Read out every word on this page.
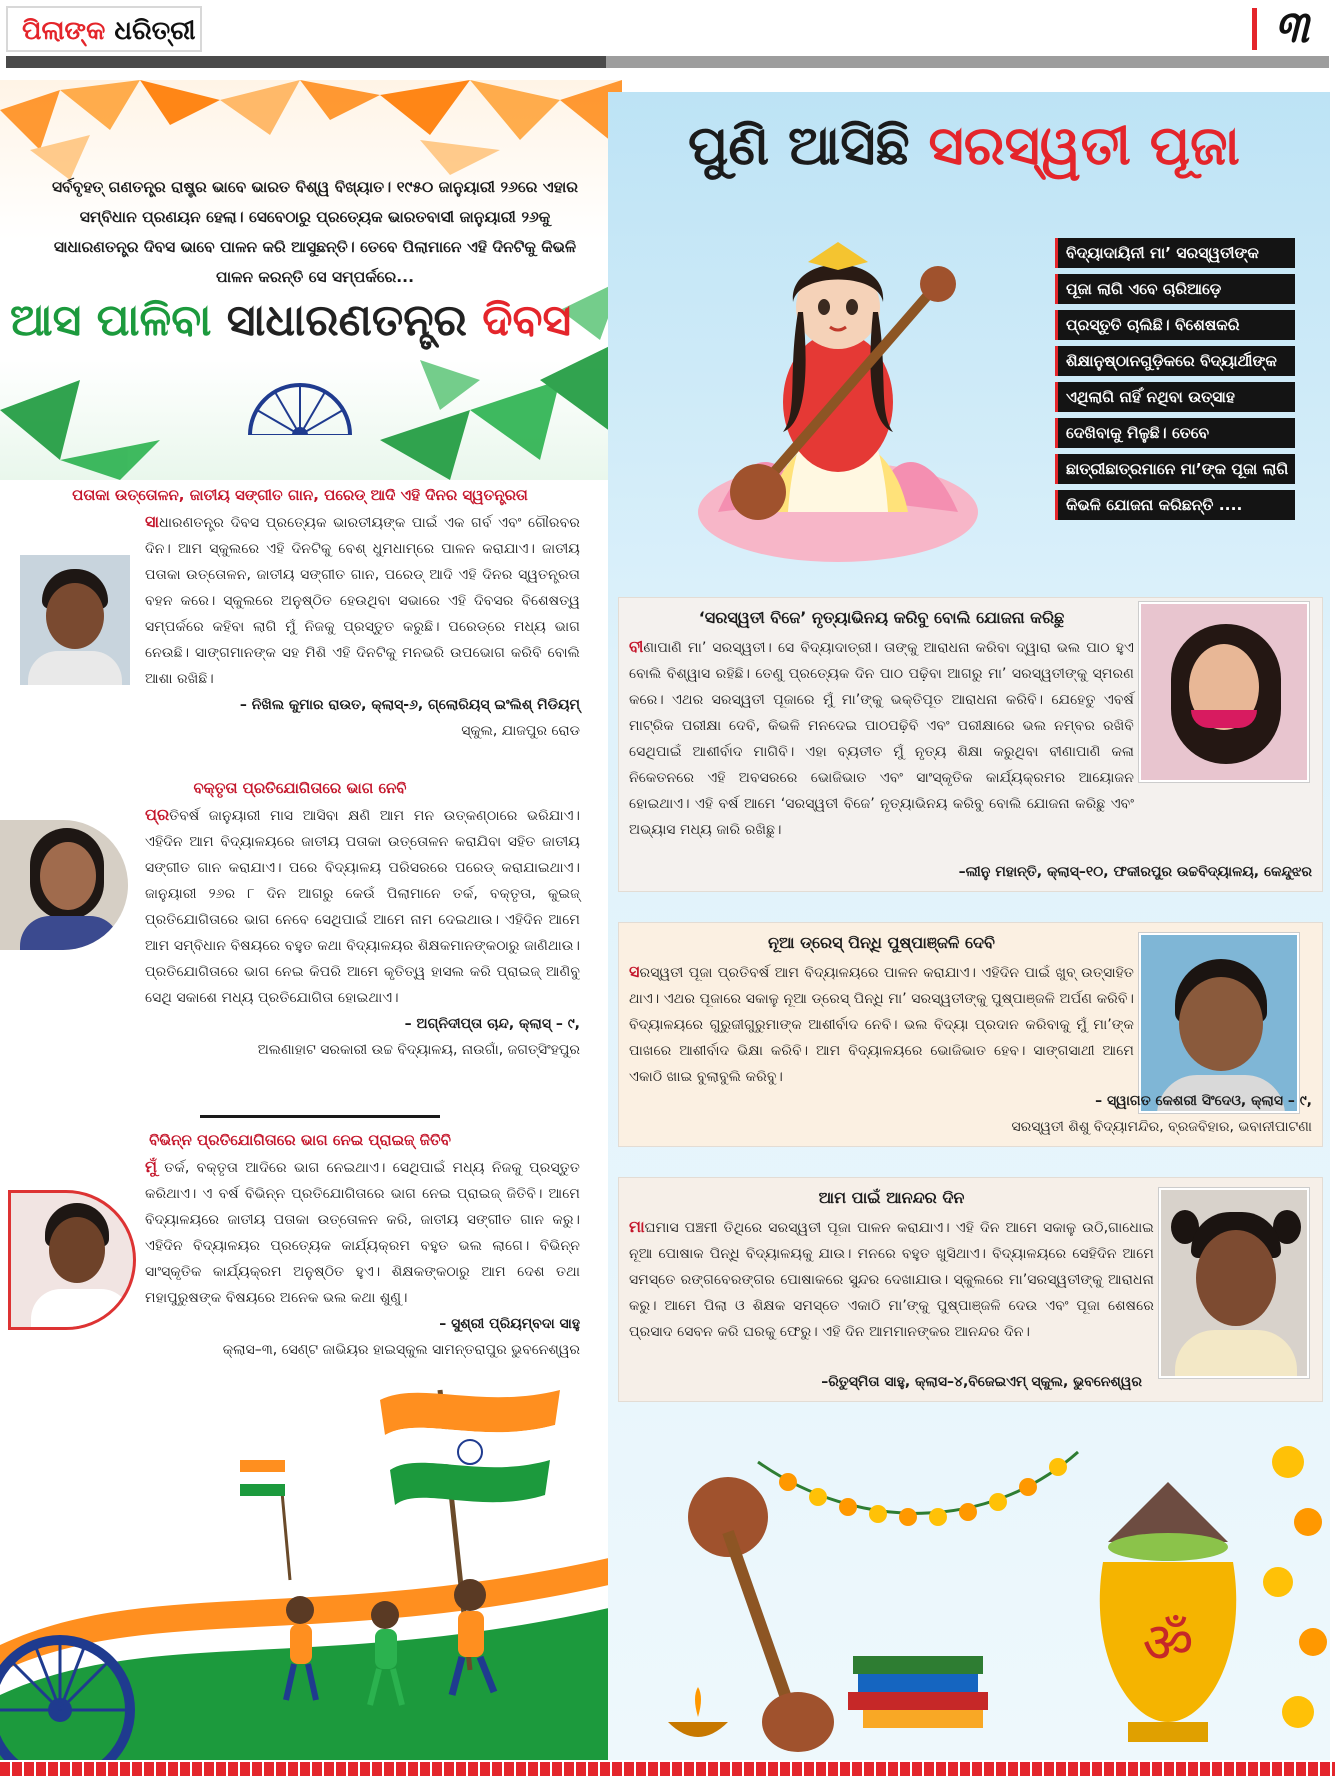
ପିଲାଙ୍କ ଧରିତ୍ରୀ	୩
ସର୍ବବୃହତ୍ ଗଣତନ୍ତ୍ର ରାଷ୍ଟ୍ର ଭାବେ ଭାରତ ବିଶ୍ୱ ବିଖ୍ୟାତ। ୧୯୫୦ ଜାନୁୟାରୀ ୨୬ରେ ଏହାର ସମ୍ବିଧାନ ପ୍ରଣୟନ ହେଲା। ସେବେଠାରୁ ପ୍ରତ୍ୟେକ ଭାରତବାସୀ ଜାନୁୟାରୀ ୨୬କୁ ସାଧାରଣତନ୍ତ୍ର ଦିବସ ଭାବେ ପାଳନ କରି ଆସୁଛନ୍ତି। ତେବେ ପିଲାମାନେ ଏହି ଦିନଟିକୁ କିଭଳି ପାଳନ କରନ୍ତି ସେ ସମ୍ପର୍କରେ...
ଆସ ପାଳିବା ସାଧାରଣତନ୍ତ୍ର ଦିବସ
ପତାକା ଉତ୍ତୋଳନ, ଜାତୀୟ ସଙ୍ଗୀତ ଗାନ, ପରେଡ୍ ଆଦି ଏହି ଦିନର ସ୍ୱତନ୍ତ୍ରତା
ସାଧାରଣତନ୍ତ୍ର ଦିବସ ପ୍ରତ୍ୟେକ ଭାରତୀୟଙ୍କ ପାଇଁ ଏକ ଗର୍ବ ଏବଂ ଗୌରବର ଦିନ। ଆମ ସ୍କୁଲରେ ଏହି ଦିନଟିକୁ ବେଶ୍ ଧୁମଧାମ୍‌ରେ ପାଳନ କରାଯାଏ। ଜାତୀୟ ପତାକା ଉତ୍ତୋଳନ, ଜାତୀୟ ସଙ୍ଗୀତ ଗାନ, ପରେଡ୍ ଆଦି ଏହି ଦିନର ସ୍ୱତନ୍ତ୍ରତା ବହନ କରେ। ସ୍କୁଲରେ ଅନୁଷ୍ଠିତ ହେଉଥିବା ସଭାରେ ଏହି ଦିବସର ବିଶେଷତ୍ୱ ସମ୍ପର୍କରେ କହିବା ଲାଗି ମୁଁ ନିଜକୁ ପ୍ରସ୍ତୁତ କରୁଛି। ପରେଡ୍‌ରେ ମଧ୍ୟ ଭାଗ ନେଉଛି। ସାଙ୍ଗମାନଙ୍କ ସହ ମିଶି ଏହି ଦିନଟିକୁ ମନଭରି ଉପଭୋଗ କରିବି ବୋଲି ଆଶା ରଖିଛି।
– ନିଖିଲ କୁମାର ରାଉତ, କ୍ଲାସ୍-୬, ଗ୍ଲୋରିୟସ୍ ଇଂଲିଶ୍ ମିଡିୟମ୍
ସ୍କୁଲ, ଯାଜପୁର ରୋଡ
ବକ୍ତୃତା ପ୍ରତିଯୋଗିତାରେ ଭାଗ ନେବି
ପ୍ରତିବର୍ଷ ଜାନୁୟାରୀ ମାସ ଆସିବା କ୍ଷଣି ଆମ ମନ ଉତ୍କଣ୍ଠାରେ ଭରିଯାଏ। ଏହିଦିନ ଆମ ବିଦ୍ୟାଳୟରେ ଜାତୀୟ ପତାକା ଉତ୍ତୋଳନ କରାଯିବା ସହିତ ଜାତୀୟ ସଙ୍ଗୀତ ଗାନ କରାଯାଏ। ପରେ ବିଦ୍ୟାଳୟ ପରିସରରେ ପରେଡ୍ କରାଯାଇଥାଏ। ଜାନୁୟାରୀ ୨୬ର ୮ ଦିନ ଆଗରୁ କେଉଁ ପିଲାମାନେ ତର୍କ, ବକ୍ତୃତା, କୁଇଜ୍ ପ୍ରତିଯୋଗିତାରେ ଭାଗ ନେବେ ସେଥିପାଇଁ ଆମେ ନାମ ଦେଇଥାଉ। ଏହିଦିନ ଆମେ ଆମ ସମ୍ବିଧାନ ବିଷୟରେ ବହୁତ କଥା ବିଦ୍ୟାଳୟର ଶିକ୍ଷକମାନଙ୍କଠାରୁ ଜାଣିଥାଉ। ପ୍ରତିଯୋଗିତାରେ ଭାଗ ନେଇ କିପରି ଆମେ କୃତିତ୍ୱ ହାସଲ କରି ପ୍ରାଇଜ୍ ଆଣିବୁ ସେଥି ସକାଶେ ମଧ୍ୟ ପ୍ରତିଯୋଗିତା ହୋଇଥାଏ।
– ଅଗ୍ନିଦୀପ୍ତା ଚାନ୍ଦ, କ୍ଲାସ୍ – ୯,
ଅଲଣାହାଟ ସରକାରୀ ଉଚ୍ଚ ବିଦ୍ୟାଳୟ, ନାଉଗାଁ, ଜଗତ୍‌ସିଂହପୁର
ବିଭିନ୍ନ ପ୍ରତିଯୋଗିତାରେ ଭାଗ ନେଇ ପ୍ରାଇଜ୍ ଜିତିବି
ମୁଁ ତର୍କ, ବକ୍ତୃତା ଆଦିରେ ଭାଗ ନେଇଥାଏ। ସେଥିପାଇଁ ମଧ୍ୟ ନିଜକୁ ପ୍ରସ୍ତୁତ କରିଥାଏ। ଏ ବର୍ଷ ବିଭିନ୍ନ ପ୍ରତିଯୋଗିତାରେ ଭାଗ ନେଇ ପ୍ରାଇଜ୍ ଜିତିବି। ଆମେ ବିଦ୍ୟାଳୟରେ ଜାତୀୟ ପତାକା ଉତ୍ତୋଳନ କରି, ଜାତୀୟ ସଙ୍ଗୀତ ଗାନ କରୁ। ଏହିଦିନ ବିଦ୍ୟାଳୟର ପ୍ରତ୍ୟେକ କାର୍ଯ୍ୟକ୍ରମ ବହୁତ ଭଲ ଲାଗେ। ବିଭିନ୍ନ ସାଂସ୍କୃତିକ କାର୍ଯ୍ୟକ୍ରମ ଅନୁଷ୍ଠିତ ହୁଏ। ଶିକ୍ଷକଙ୍କଠାରୁ ଆମ ଦେଶ ତଥା ମହାପୁରୁଷଙ୍କ ବିଷୟରେ ଅନେକ ଭଲ କଥା ଶୁଣୁ।
– ସୁଶ୍ରୀ ପ୍ରିୟମ୍ବଦା ସାହୁ
କ୍ଲାସ–୩, ସେଣ୍ଟ ଜାଭିୟର ହାଇସ୍କୁଲ ସାମନ୍ତରାପୁର ଭୁବନେଶ୍ୱର
ପୁଣି ଆସିଛି ସରସ୍ୱତୀ ପୂଜା
ବିଦ୍ୟାଦାୟିନୀ ମା’ ସରସ୍ୱତୀଙ୍କ
ପୂଜା ଲାଗି ଏବେ ଚାରିଆଡ଼େ
ପ୍ରସ୍ତୁତି ଚାଲିଛି। ବିଶେଷକରି
ଶିକ୍ଷାନୁଷ୍ଠାନଗୁଡ଼ିକରେ ବିଦ୍ୟାର୍ଥୀଙ୍କ
ଏଥିଲାଗି ନାହିଁ ନଥିବା ଉତ୍ସାହ
ଦେଖିବାକୁ ମିଳୁଛି। ତେବେ
ଛାତ୍ରୀଛାତ୍ରମାନେ ମା’ଙ୍କ ପୂଜା ଲାଗି
କିଭଳି ଯୋଜନା କରିଛନ୍ତି ....
‘ସରସ୍ୱତୀ ବିଜେ’ ନୃତ୍ୟାଭିନୟ କରିବୁ ବୋଲି ଯୋଜନା କରିଛୁ
ବୀଣାପାଣି ମା’ ସରସ୍ୱତୀ। ସେ ବିଦ୍ୟାଦାତ୍ରୀ। ତାଙ୍କୁ ଆରାଧନା କରିବା ଦ୍ୱାରା ଭଲ ପାଠ ହୁଏ ବୋଲି ବିଶ୍ୱାସ ରହିଛି। ତେଣୁ ପ୍ରତ୍ୟେକ ଦିନ ପାଠ ପଢ଼ିବା ଆଗରୁ ମା’ ସରସ୍ୱତୀଙ୍କୁ ସ୍ମରଣ କରେ। ଏଥର ସରସ୍ୱତୀ ପୂଜାରେ ମୁଁ ମା’ଙ୍କୁ ଭକ୍ତିପୂତ ଆରାଧନା କରିବି। ଯେହେତୁ ଏବର୍ଷ ମାଟ୍ରିକ ପରୀକ୍ଷା ଦେବି, କିଭଳି ମନଦେଇ ପାଠପଢ଼ିବି ଏବଂ ପରୀକ୍ଷାରେ ଭଲ ନମ୍ବର ରଖିବି ସେଥିପାଇଁ ଆଶୀର୍ବାଦ ମାଗିବି। ଏହା ବ୍ୟତୀତ ମୁଁ ନୃତ୍ୟ ଶିକ୍ଷା କରୁଥିବା ବୀଣାପାଣି କଳା ନିକେତନରେ ଏହି ଅବସରରେ ଭୋଜିଭାତ ଏବଂ ସାଂସ୍କୃତିକ କାର୍ଯ୍ୟକ୍ରମର ଆୟୋଜନ ହୋଇଥାଏ। ଏହି ବର୍ଷ ଆମେ ‘ସରସ୍ୱତୀ ବିଜେ’ ନୃତ୍ୟାଭିନୟ କରିବୁ ବୋଲି ଯୋଜନା କରିଛୁ ଏବଂ ଅଭ୍ୟାସ ମଧ୍ୟ ଜାରି ରଖିଛୁ।
–ଲୀନୁ ମହାନ୍ତି, କ୍ଲାସ୍–୧୦, ଫକୀରପୁର ଉଚ୍ଚବିଦ୍ୟାଳୟ, କେନ୍ଦୁଝର
ନୂଆ ଡ୍ରେସ୍ ପିନ୍ଧି ପୁଷ୍ପାଞ୍ଜଳି ଦେବି
ସରସ୍ୱତୀ ପୂଜା ପ୍ରତିବର୍ଷ ଆମ ବିଦ୍ୟାଳୟରେ ପାଳନ କରାଯାଏ। ଏହିଦିନ ପାଇଁ ଖୁବ୍ ଉତ୍ସାହିତ ଥାଏ। ଏଥର ପୂଜାରେ ସକାଳୁ ନୂଆ ଡ୍ରେସ୍ ପିନ୍ଧି ମା’ ସରସ୍ୱତୀଙ୍କୁ ପୁଷ୍ପାଞ୍ଜଳି ଅର୍ପଣ କରିବି। ବିଦ୍ୟାଳୟରେ ଗୁରୁଜୀଗୁରୁମାଙ୍କ ଆଶୀର୍ବାଦ ନେବି। ଭଲ ବିଦ୍ୟା ପ୍ରଦାନ କରିବାକୁ ମୁଁ ମା’ଙ୍କ ପାଖରେ ଆଶୀର୍ବାଦ ଭିକ୍ଷା କରିବି। ଆମ ବିଦ୍ୟାଳୟରେ ଭୋଜିଭାତ ହେବ। ସାଙ୍ଗସାଥୀ ଆମେ ଏକାଠି ଖାଇ ବୁଲାବୁଲି କରିବୁ।
– ସ୍ୱାଗତ କେଶରୀ ସିଂଦେଓ, କ୍ଲାସ – ୯,
ସରସ୍ୱତୀ ଶିଶୁ ବିଦ୍ୟାମନ୍ଦିର, ବ୍ରଜବିହାର, ଭବାନୀପାଟଣା
ଆମ ପାଇଁ ଆନନ୍ଦର ଦିନ
ମାଘମାସ ପଞ୍ଚମୀ ତିଥିରେ ସରସ୍ୱତୀ ପୂଜା ପାଳନ କରାଯାଏ। ଏହି ଦିନ ଆମେ ସକାଳୁ ଉଠି,ଗାଧୋଇ ନୂଆ ପୋଷାକ ପିନ୍ଧି ବିଦ୍ୟାଳୟକୁ ଯାଉ। ମନରେ ବହୁତ ଖୁସିଥାଏ। ବିଦ୍ୟାଳୟରେ ସେହିଦିନ ଆମେ ସମସ୍ତେ ରଙ୍ଗବେରଙ୍ଗର ପୋଷାକରେ ସୁନ୍ଦର ଦେଖାଯାଉ। ସ୍କୁଲରେ ମା’ସରସ୍ୱତୀଙ୍କୁ ଆରାଧନା କରୁ। ଆମେ ପିଲା ଓ ଶିକ୍ଷକ ସମସ୍ତେ ଏକାଠି ମା’ଙ୍କୁ ପୁଷ୍ପାଞ୍ଜଳି ଦେଉ ଏବଂ ପୂଜା ଶେଷରେ ପ୍ରସାଦ ସେବନ କରି ଘରକୁ ଫେରୁ। ଏହି ଦିନ ଆମମାନଙ୍କର ଆନନ୍ଦର ଦିନ।
–ରିତୁସ୍ମିତା ସାହୁ, କ୍ଲାସ–୪,ବିଜେଇଏମ୍ ସ୍କୁଲ, ଭୁବନେଶ୍ୱର
ॐ
